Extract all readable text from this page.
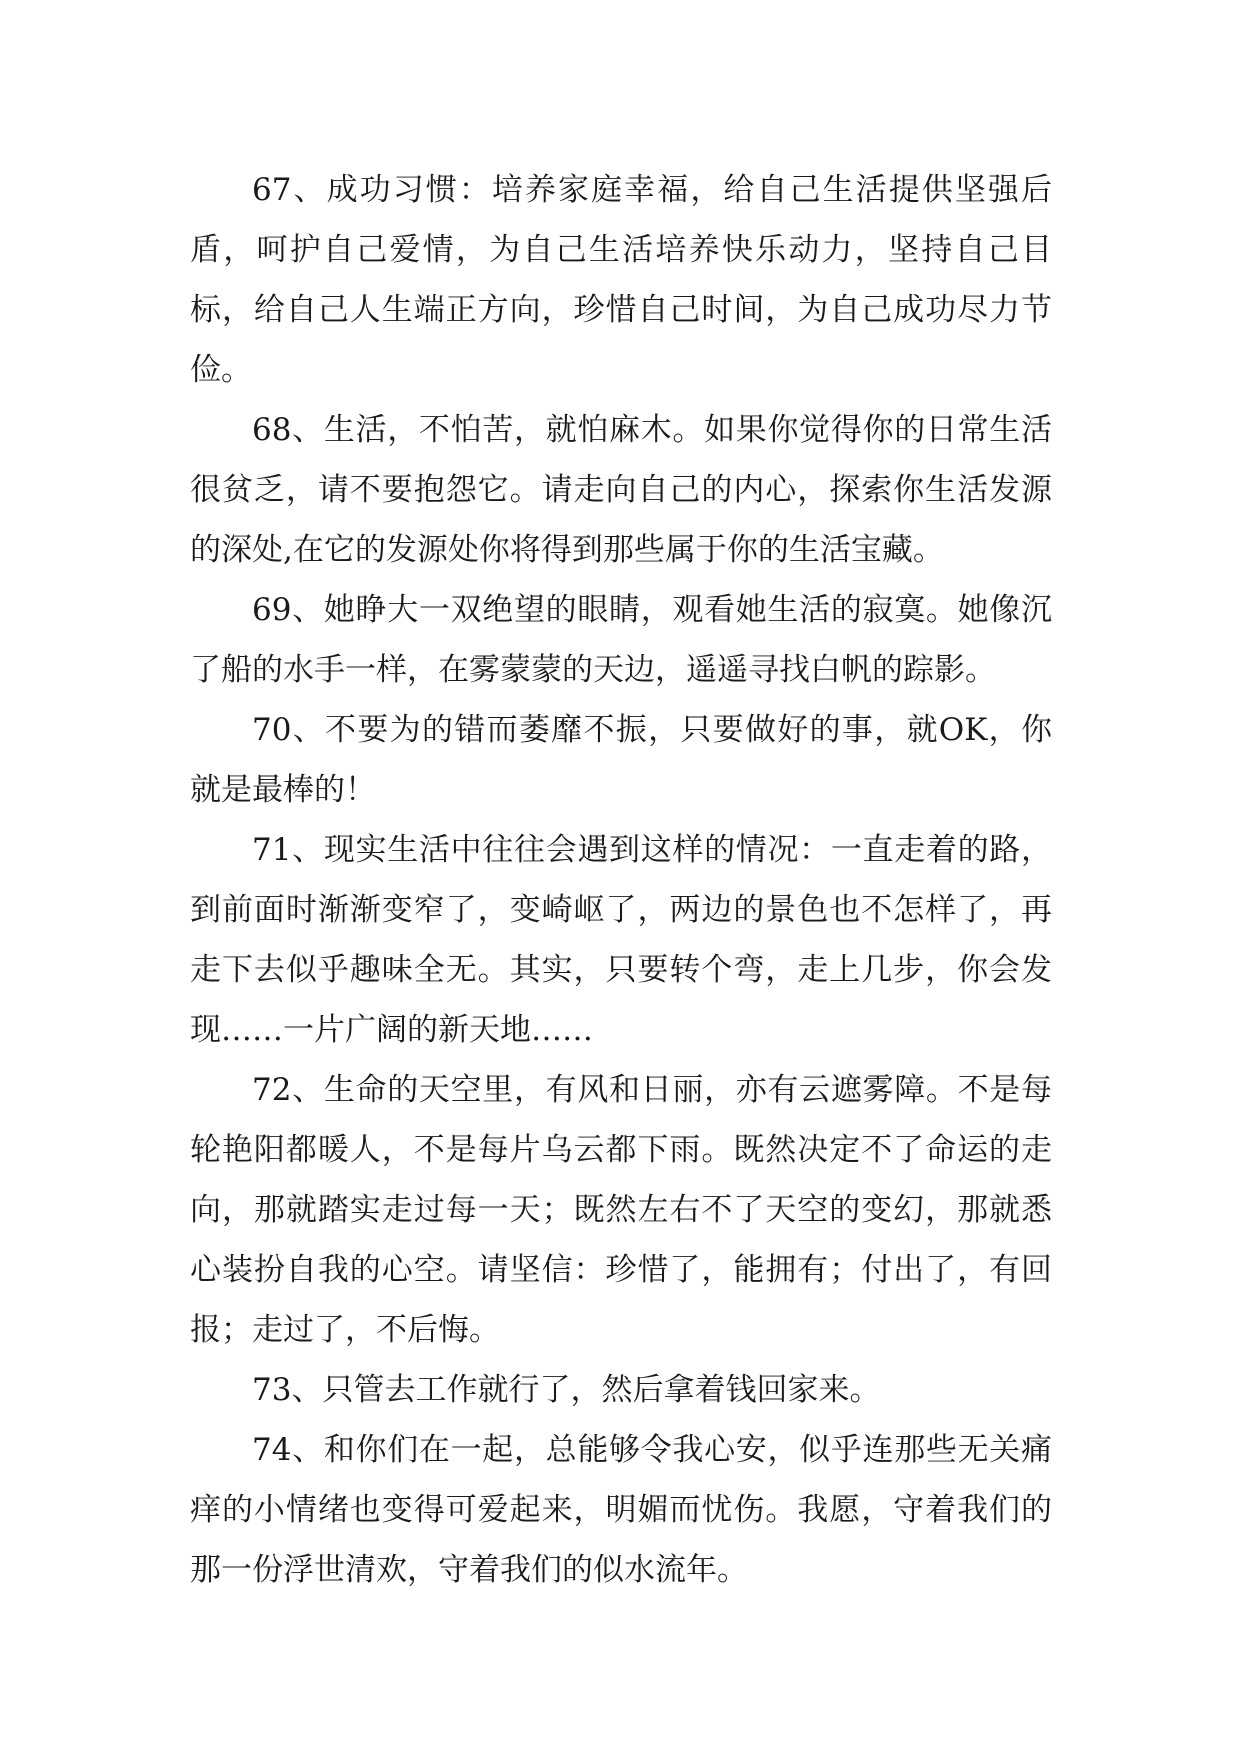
67、成功习惯：培养家庭幸福，给自己生活提供坚强后盾，呵护自己爱情，为自己生活培养快乐动力，坚持自己目标，给自己人生端正方向，珍惜自己时间，为自己成功尽力节俭。

68、生活，不怕苦，就怕麻木。如果你觉得你的日常生活很贫乏，请不要抱怨它。请走向自己的内心，探索你生活发源的深处,在它的发源处你将得到那些属于你的生活宝藏。

69、她睁大一双绝望的眼睛，观看她生活的寂寞。她像沉了船的水手一样，在雾蒙蒙的天边，遥遥寻找白帆的踪影。

70、不要为的错而萎靡不振，只要做好的事，就OK，你就是最棒的！

71、现实生活中往往会遇到这样的情况：一直走着的路，到前面时渐渐变窄了，变崎岖了，两边的景色也不怎样了，再走下去似乎趣味全无。其实，只要转个弯，走上几步，你会发现……一片广阔的新天地……

72、生命的天空里，有风和日丽，亦有云遮雾障。不是每轮艳阳都暖人，不是每片乌云都下雨。既然决定不了命运的走向，那就踏实走过每一天；既然左右不了天空的变幻，那就悉心装扮自我的心空。请坚信：珍惜了，能拥有；付出了，有回报；走过了，不后悔。

73、只管去工作就行了，然后拿着钱回家来。

74、和你们在一起，总能够令我心安，似乎连那些无关痛痒的小情绪也变得可爱起来，明媚而忧伤。我愿，守着我们的那一份浮世清欢，守着我们的似水流年。
